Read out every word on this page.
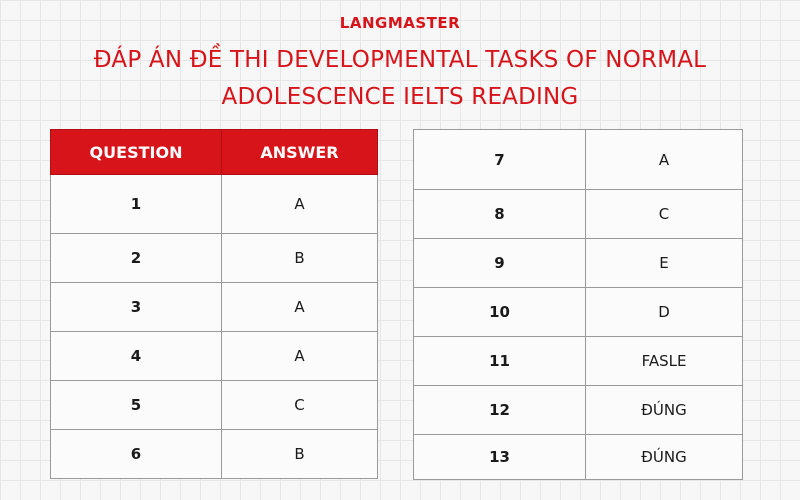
LANGMASTER
ĐÁP ÁN ĐỀ THI DEVELOPMENTAL TASKS OF NORMAL
ADOLESCENCE IELTS READING
QUESTION	ANSWER
1	A
2	B
3	A
4	A
5	C
6	B
7	A
8	C
9	E
10	D
11	FASLE
12	ĐÚNG
13	ĐÚNG
